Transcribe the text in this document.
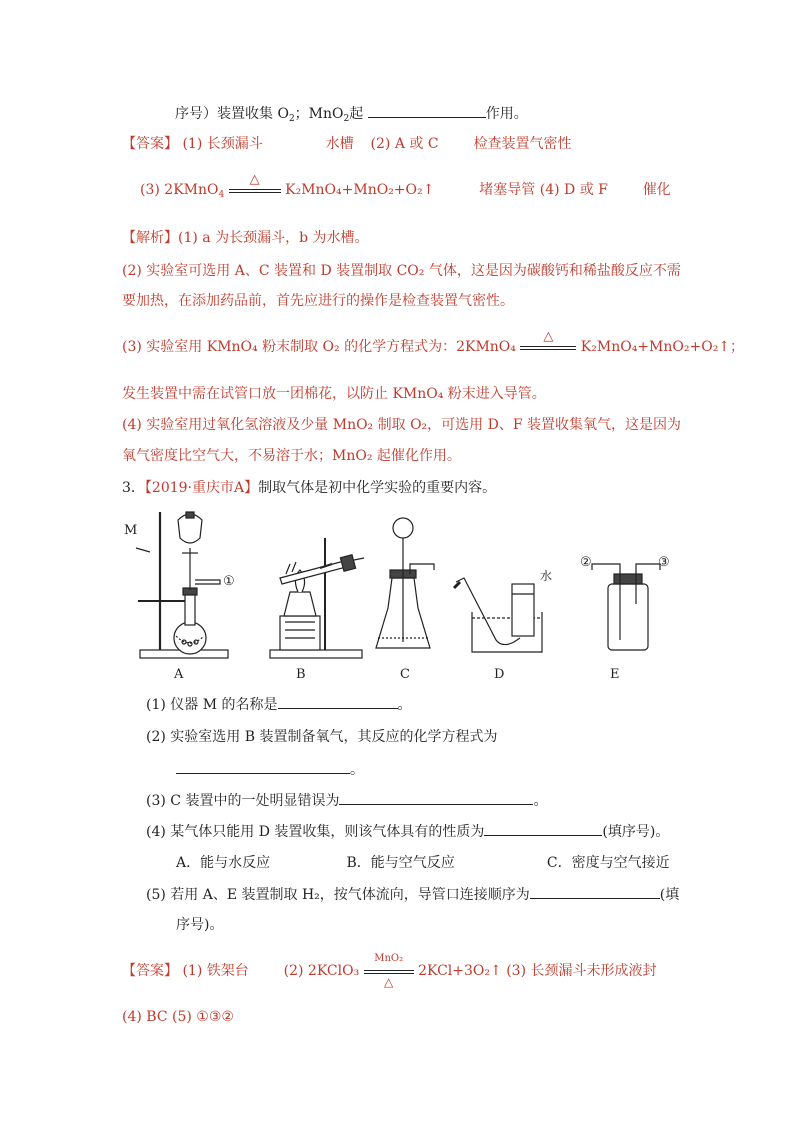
序号）装置收集 $O_2$；MnO$_2$起	作用。
【答案】 (1) 长颈漏斗	水槽 (2) A 或 C 检查装置气密性
(3) 2KMnO$_4$
△
K₂MnO₄+MnO₂+O₂↑	堵塞导管 (4) D 或 F 催化
【解析】(1) a 为长颈漏斗，b 为水槽。
(2) 实验室可选用 A、C 装置和 D 装置制取 CO₂ 气体，这是因为碳酸钙和稀盐酸反应不需
要加热，在添加药品前，首先应进行的操作是检查装置气密性。
(3) 实验室用 KMnO₄ 粉末制取 O₂ 的化学方程式为：2KMnO₄
△
K₂MnO₄+MnO₂+O₂↑；
发生装置中需在试管口放一团棉花，以防止 KMnO₄ 粉末进入导管。
(4) 实验室用过氧化氢溶液及少量 MnO₂ 制取 O₂，可选用 D、F 装置收集氧气，这是因为
氧气密度比空气大，不易溶于水；MnO₂ 起催化作用。
3．【2019·重庆市A】制取气体是初中化学实验的重要内容。
M
①	水
②	③
A	B	C	D	E
(1) 仪器 M 的名称是	。
(2) 实验室选用 B 装置制备氧气，其反应的化学方程式为
。
(3) C 装置中的一处明显错误为	。
(4) 某气体只能用 D 装置收集，则该气体具有的性质为	(填序号)。
A．能与水反应	B．能与空气反应	C．密度与空气接近
(5) 若用 A、E 装置制取 H₂，按气体流向，导管口连接顺序为	(填
序号)。
【答案】 (1) 铁架台 (2) 2KClO₃
MnO₂
△
2KCl+3O₂↑ (3) 长颈漏斗未形成液封
(4) BC (5) ①③②
